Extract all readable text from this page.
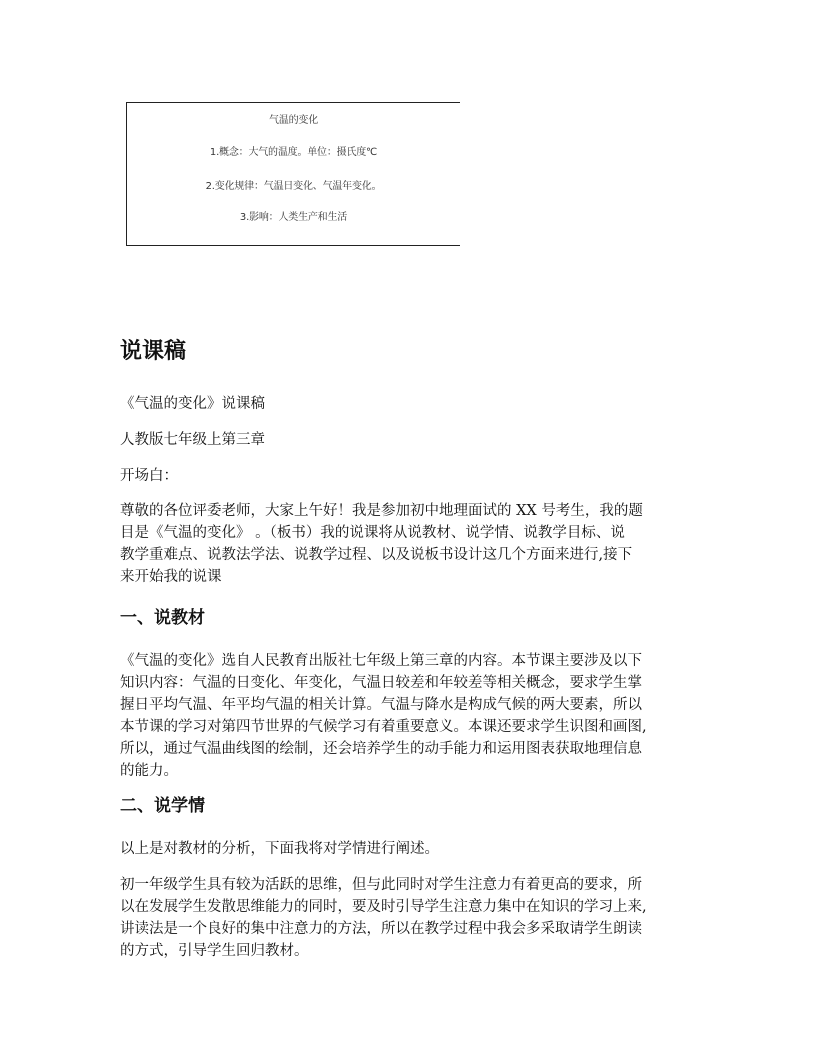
气温的变化
1.概念：大气的温度。单位：摄氏度℃
2.变化规律：气温日变化、气温年变化。
3.影响：人类生产和生活
说课稿

《气温的变化》说课稿

人教版七年级上第三章

开场白：

尊敬的各位评委老师，大家上午好！我是参加初中地理面试的 XX 号考生，我的题
目是《气温的变化》 。（板书）我的说课将从说教材、说学情、说教学目标、说
教学重难点、说教法学法、说教学过程、以及说板书设计这几个方面来进行,接下
来开始我的说课
一、说教材
《气温的变化》选自人民教育出版社七年级上第三章的内容。本节课主要涉及以下
知识内容：气温的日变化、年变化，气温日较差和年较差等相关概念，要求学生掌
握日平均气温、年平均气温的相关计算。气温与降水是构成气候的两大要素，所以
本节课的学习对第四节世界的气候学习有着重要意义。本课还要求学生识图和画图,
所以，通过气温曲线图的绘制，还会培养学生的动手能力和运用图表获取地理信息
的能力。
二、说学情

以上是对教材的分析，下面我将对学情进行阐述。

初一年级学生具有较为活跃的思维，但与此同时对学生注意力有着更高的要求，所
以在发展学生发散思维能力的同时，要及时引导学生注意力集中在知识的学习上来,
讲读法是一个良好的集中注意力的方法，所以在教学过程中我会多采取请学生朗读
的方式，引导学生回归教材。
